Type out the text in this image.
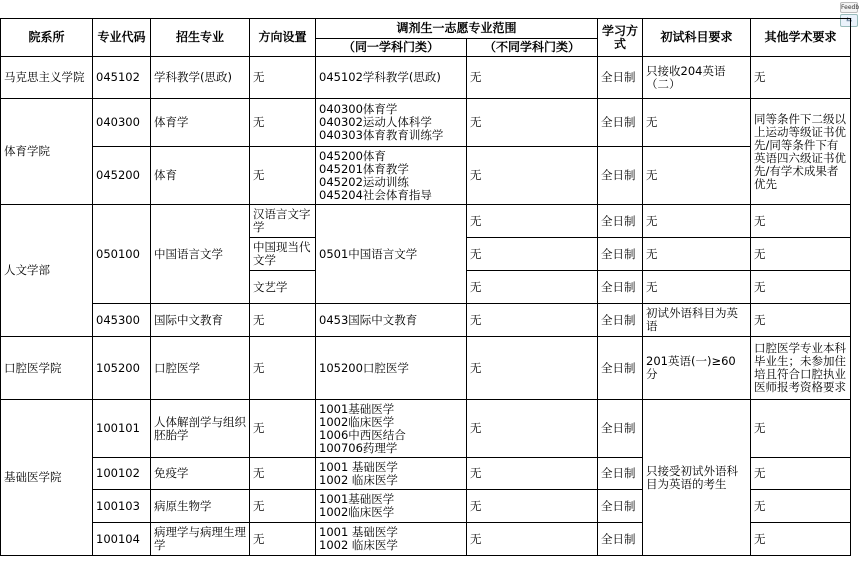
Feedb
⇆
院系所	专业代码	招生专业	方向设置	调剂生一志愿专业范围		学习方式	初试科目要求	其他学术要求
				（同一学科门类）	（不同学科门类）			
马克思主义学院	045102	学科教学(思政)	无	045102学科教学(思政)	无	全日制	只接收204英语（二）	无
体育学院	040300	体育学	无	040300体育学
040302运动人体科学
040303体育教育训练学	无	全日制	无	同等条件下二级以上运动等级证书优先/同等条件下有英语四六级证书优先/有学术成果者优先
	045200	体育	无	045200体育
045201体育教学
045202运动训练
045204社会体育指导	无	全日制	无	
人文学部	050100	中国语言文学	汉语言文字学	0501中国语言文学	无	全日制	无	无
			中国现当代文学		无	全日制	无	无
			文艺学		无	全日制	无	无
	045300	国际中文教育	无	0453国际中文教育	无	全日制	初试外语科目为英语	无
口腔医学院	105200	口腔医学	无	105200口腔医学	无	全日制	201英语(一)≥60分	口腔医学专业本科毕业生；未参加住培且符合口腔执业医师报考资格要求
基础医学院	100101	人体解剖学与组织胚胎学	无	1001基础医学
1002临床医学
1006中西医结合
100706药理学	无	全日制	只接受初试外语科目为英语的考生	无
	100102	免疫学	无	1001 基础医学
1002 临床医学	无	全日制		无
	100103	病原生物学	无	1001基础医学
1002临床医学	无	全日制		无
	100104	病理学与病理生理学	无	1001 基础医学
1002 临床医学	无	全日制		无
